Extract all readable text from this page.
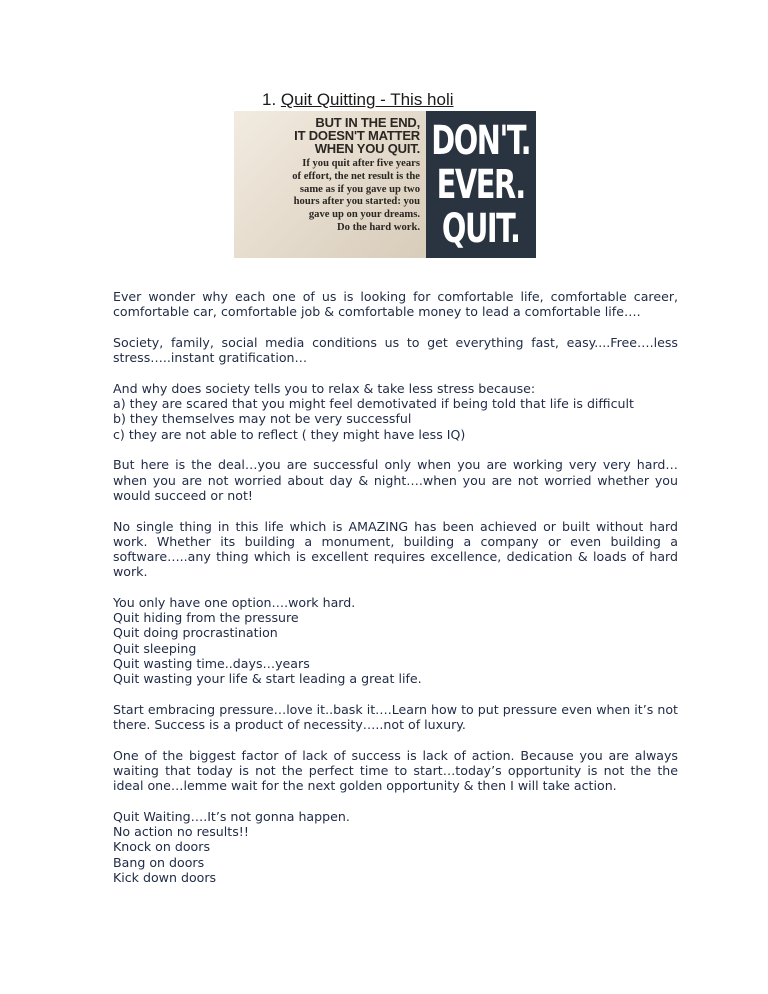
1. Quit Quitting - This holi
BUT IN THE END,
IT DOESN'T MATTER
WHEN YOU QUIT.
If you quit after five years
of effort, the net result is the
same as if you gave up two
hours after you started: you
gave up on your dreams.
Do the hard work.
DON'T.
EVER.
QUIT.

Ever wonder why each one of us is looking for comfortable life, comfortable career, comfortable car, comfortable job & comfortable money to lead a comfortable life….

Society, family, social media conditions us to get everything fast, easy....Free….less stress…..instant gratification…

And why does society tells you to relax & take less stress because:
a) they are scared that you might feel demotivated if being told that life is difficult
b) they themselves may not be very successful
c) they are not able to reflect ( they might have less IQ)

But here is the deal…you are successful only when you are working very very hard…when you are not worried about day & night….when you are not worried whether you would succeed or not!

No single thing in this life which is AMAZING has been achieved or built without hard work. Whether its building a monument, building a company or even building a software…..any thing which is excellent requires excellence, dedication & loads of hard work.

You only have one option….work hard.
Quit hiding from the pressure
Quit doing procrastination
Quit sleeping
Quit wasting time..days…years
Quit wasting your life & start leading a great life.

Start embracing pressure…love it..bask it….Learn how to put pressure even when it’s not there. Success is a product of necessity…..not of luxury.

One of the biggest factor of lack of success is lack of action. Because you are always waiting that today is not the perfect time to start…today’s opportunity is not the the ideal one…lemme wait for the next golden opportunity & then I will take action.

Quit Waiting….It’s not gonna happen.
No action no results!!
Knock on doors
Bang on doors
Kick down doors
